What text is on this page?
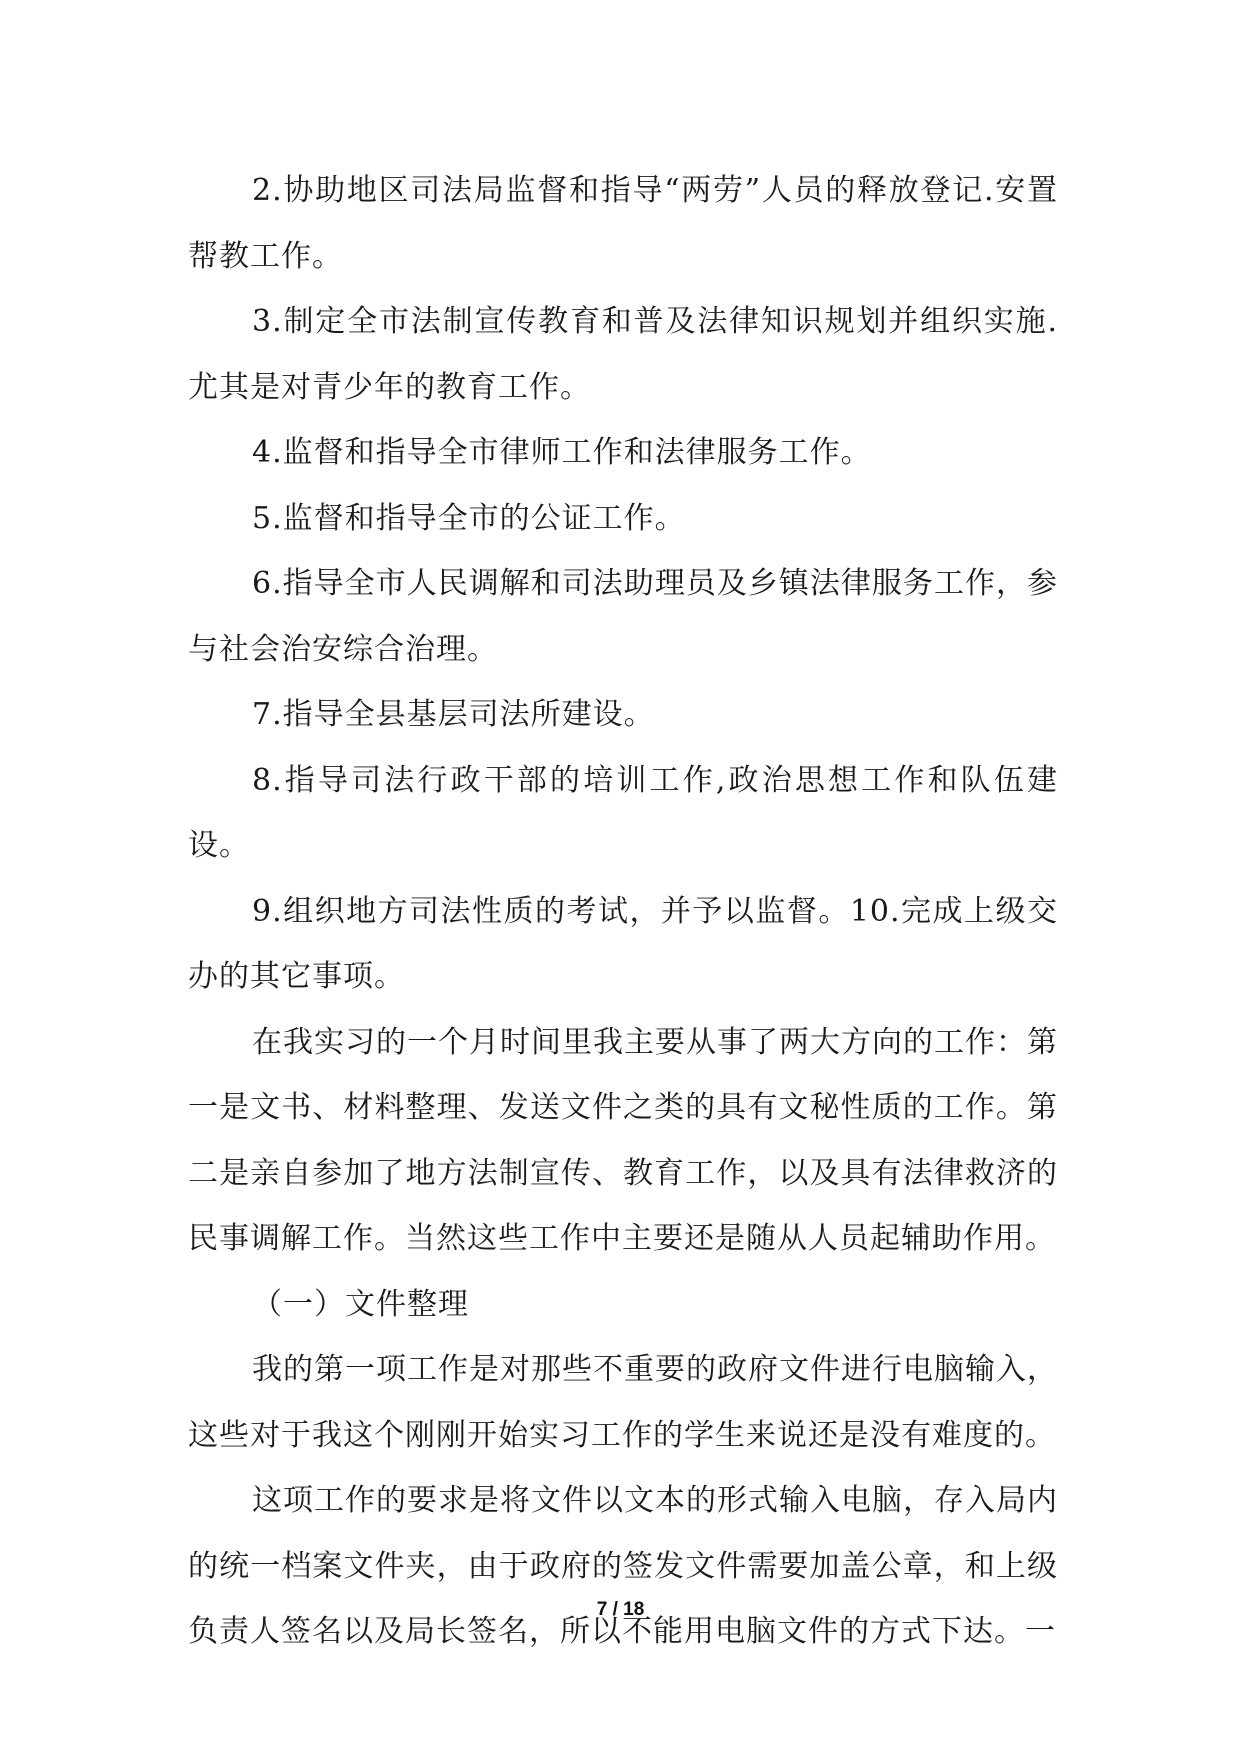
2.协助地区司法局监督和指导“两劳”人员的释放登记.安置帮教工作。

3.制定全市法制宣传教育和普及法律知识规划并组织实施.尤其是对青少年的教育工作。

4.监督和指导全市律师工作和法律服务工作。

5.监督和指导全市的公证工作。

6.指导全市人民调解和司法助理员及乡镇法律服务工作，参与社会治安综合治理。

7.指导全县基层司法所建设。

8.指导司法行政干部的培训工作,政治思想工作和队伍建设。

9.组织地方司法性质的考试，并予以监督。10.完成上级交办的其它事项。

在我实习的一个月时间里我主要从事了两大方向的工作：第一是文书、材料整理、发送文件之类的具有文秘性质的工作。第二是亲自参加了地方法制宣传、教育工作，以及具有法律救济的民事调解工作。当然这些工作中主要还是随从人员起辅助作用。

（一）文件整理

我的第一项工作是对那些不重要的政府文件进行电脑输入，这些对于我这个刚刚开始实习工作的学生来说还是没有难度的。

这项工作的要求是将文件以文本的形式输入电脑，存入局内的统一档案文件夹，由于政府的签发文件需要加盖公章，和上级负责人签名以及局长签名，所以不能用电脑文件的方式下达。一

7 / 18
